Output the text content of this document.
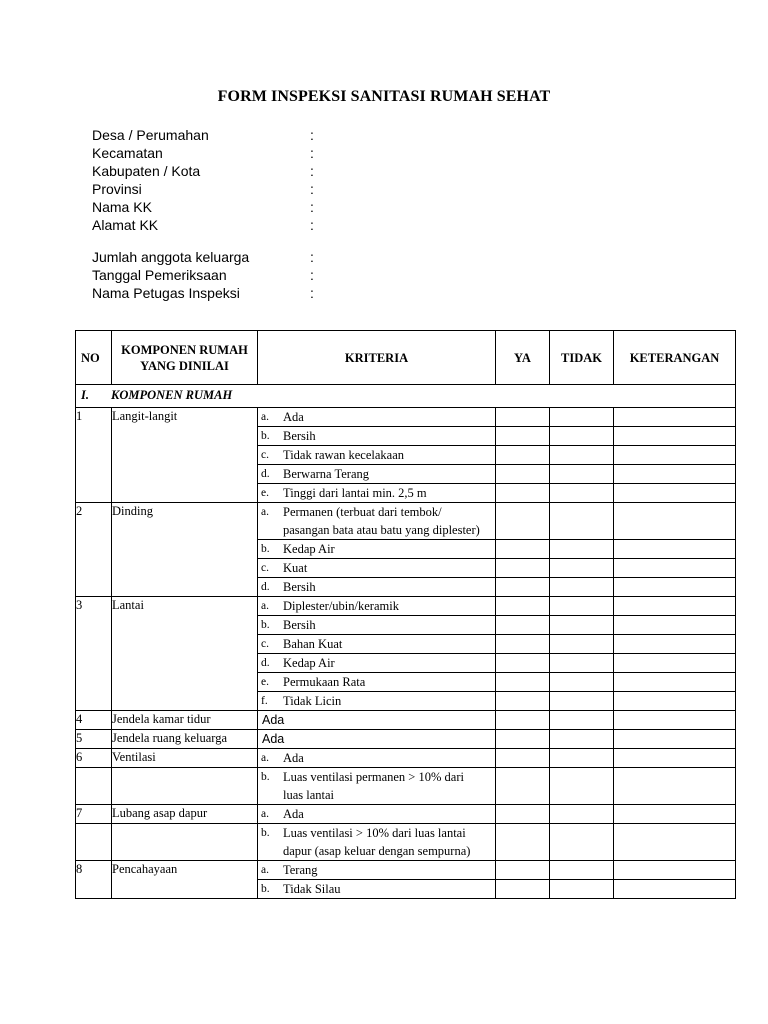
FORM INSPEKSI SANITASI RUMAH SEHAT
Desa / Perumahan	:
Kecamatan	:
Kabupaten / Kota	:
Provinsi	:
Nama KK	:
Alamat KK	:
Jumlah anggota keluarga	:
Tanggal Pemeriksaan	:
Nama Petugas Inspeksi	:
NO	KOMPONEN RUMAH YANG DINILAI	KRITERIA	YA	TIDAK	KETERANGAN
I. KOMPONEN RUMAH					
1	Langit-langit	a. Ada			

		b. Bersih			

		c. Tidak rawan kecelakaan			

		d. Berwarna Terang			

		e. Tinggi dari lantai min. 2,5 m			

2	Dinding	a. Permanen (terbuat dari tembok/ pasangan bata atau batu yang diplester)			

		b. Kedap Air			

		c. Kuat			

		d. Bersih			

3	Lantai	a. Diplester/ubin/keramik			

		b. Bersih			

		c. Bahan Kuat			

		d. Kedap Air			

		e. Permukaan Rata			

		f. Tidak Licin			

4	Jendela kamar tidur	Ada			

5	Jendela ruang keluarga	Ada			

6	Ventilasi	a. Ada			

		b. Luas ventilasi permanen > 10% dari luas lantai			

7	Lubang asap dapur	a. Ada			

		b. Luas ventilasi > 10% dari luas lantai dapur (asap keluar dengan sempurna)			

8	Pencahayaan	a. Terang			

		b. Tidak Silau			
